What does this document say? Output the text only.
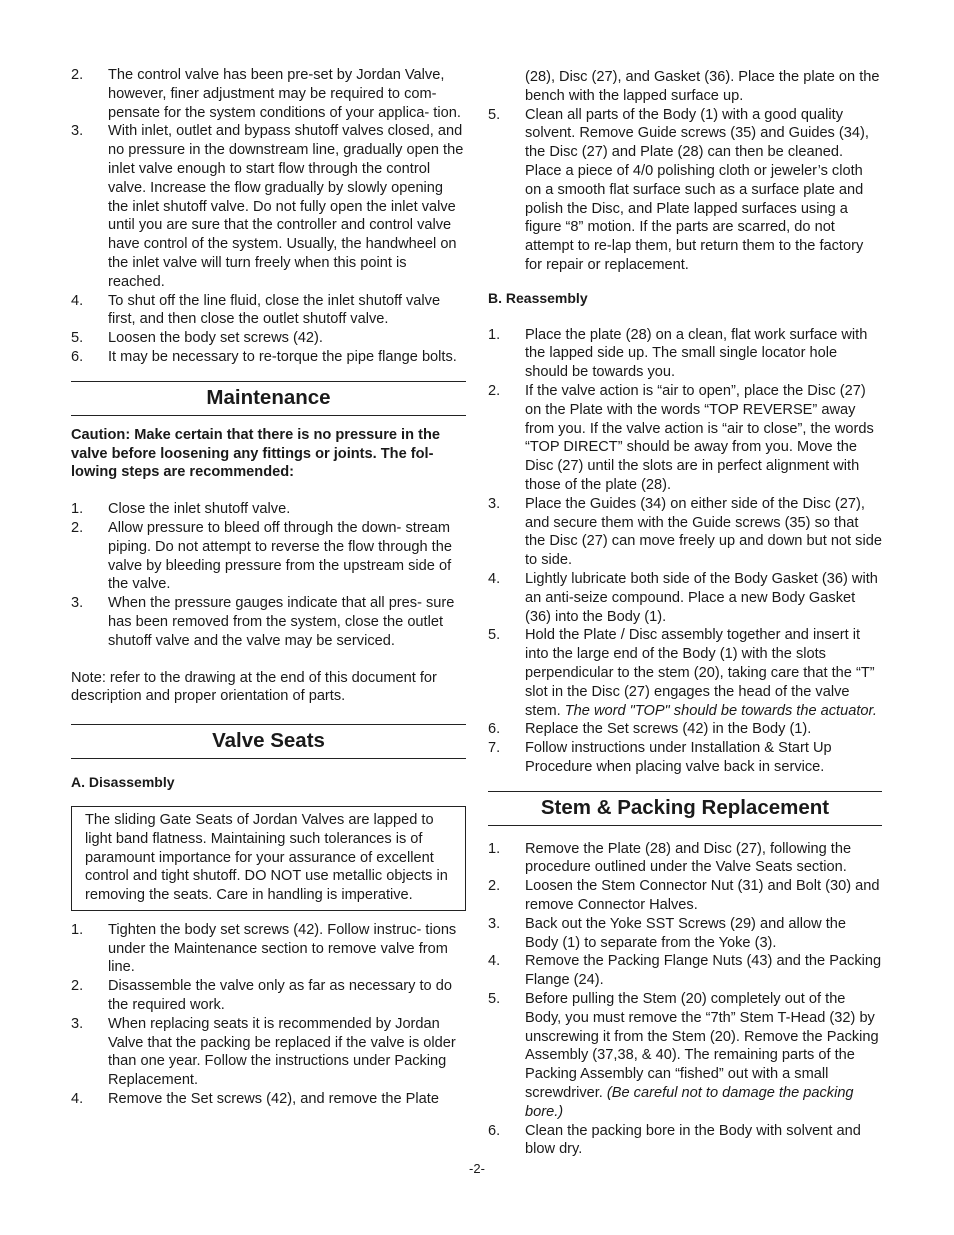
2. The control valve has been pre-set by Jordan Valve, however, finer adjustment may be required to com- pensate for the system conditions of your applica- tion.
3. With inlet, outlet and bypass shutoff valves closed, and no pressure in the downstream line, gradually open the inlet valve enough to start flow through the control valve. Increase the flow gradually by slowly opening the inlet shutoff valve. Do not fully open the inlet valve until you are sure that the controller and control valve have control of the system. Usually, the handwheel on the inlet valve will turn freely when this point is reached.
4. To shut off the line fluid, close the inlet shutoff valve first, and then close the outlet shutoff valve.
5. Loosen the body set screws (42).
6. It may be necessary to re-torque the pipe flange bolts.
Maintenance
Caution: Make certain that there is no pressure in the valve before loosening any fittings or joints. The fol- lowing steps are recommended:
1. Close the inlet shutoff valve.
2. Allow pressure to bleed off through the down- stream piping. Do not attempt to reverse the flow through the valve by bleeding pressure from the upstream side of the valve.
3. When the pressure gauges indicate that all pres- sure has been removed from the system, close the outlet shutoff valve and the valve may be serviced.
Note: refer to the drawing at the end of this document for description and proper orientation of parts.
Valve Seats
A. Disassembly
The sliding Gate Seats of Jordan Valves are lapped to light band flatness. Maintaining such tolerances is of paramount importance for your assurance of excellent control and tight shutoff. DO NOT use metallic objects in removing the seats. Care in handling is imperative.
1. Tighten the body set screws (42). Follow instruc- tions under the Maintenance section to remove valve from line.
2. Disassemble the valve only as far as necessary to do the required work.
3. When replacing seats it is recommended by Jordan Valve that the packing be replaced if the valve is older than one year. Follow the instructions under Packing Replacement.
4. Remove the Set screws (42), and remove the Plate
(28), Disc (27), and Gasket (36). Place the plate on the bench with the lapped surface up.
5. Clean all parts of the Body (1) with a good quality solvent. Remove Guide screws (35) and Guides (34), the Disc (27) and Plate (28) can then be cleaned. Place a piece of 4/0 polishing cloth or jeweler’s cloth on a smooth flat surface such as a surface plate and polish the Disc, and Plate lapped surfaces using a figure “8” motion. If the parts are scarred, do not attempt to re-lap them, but return them to the factory for repair or replacement.
B. Reassembly
1. Place the plate (28) on a clean, flat work surface with the lapped side up. The small single locator hole should be towards you.
2. If the valve action is “air to open”, place the Disc (27) on the Plate with the words “TOP REVERSE” away from you. If the valve action is “air to close”, the words “TOP DIRECT” should be away from you. Move the Disc (27) until the slots are in perfect alignment with those of the plate (28).
3. Place the Guides (34) on either side of the Disc (27), and secure them with the Guide screws (35) so that the Disc (27) can move freely up and down but not side to side.
4. Lightly lubricate both side of the Body Gasket (36) with an anti-seize compound. Place a new Body Gasket (36) into the Body (1).
5. Hold the Plate / Disc assembly together and insert it into the large end of the Body (1) with the slots perpendicular to the stem (20), taking care that the “T” slot in the Disc (27) engages the head of the valve stem. The word "TOP" should be towards the actuator.
6. Replace the Set screws (42) in the Body (1).
7. Follow instructions under Installation & Start Up Procedure when placing valve back in service.
Stem & Packing Replacement
1. Remove the Plate (28) and Disc (27), following the procedure outlined under the Valve Seats section.
2. Loosen the Stem Connector Nut (31) and Bolt (30) and remove Connector Halves.
3. Back out the Yoke SST Screws (29) and allow the Body (1) to separate from the Yoke (3).
4. Remove the Packing Flange Nuts (43) and the Packing Flange (24).
5. Before pulling the Stem (20) completely out of the Body, you must remove the “7th” Stem T-Head (32) by unscrewing it from the Stem (20). Remove the Packing Assembly (37,38, & 40). The remaining parts of the Packing Assembly can “fished” out with a small screwdriver. (Be careful not to damage the packing bore.)
6. Clean the packing bore in the Body with solvent and blow dry.
-2-
